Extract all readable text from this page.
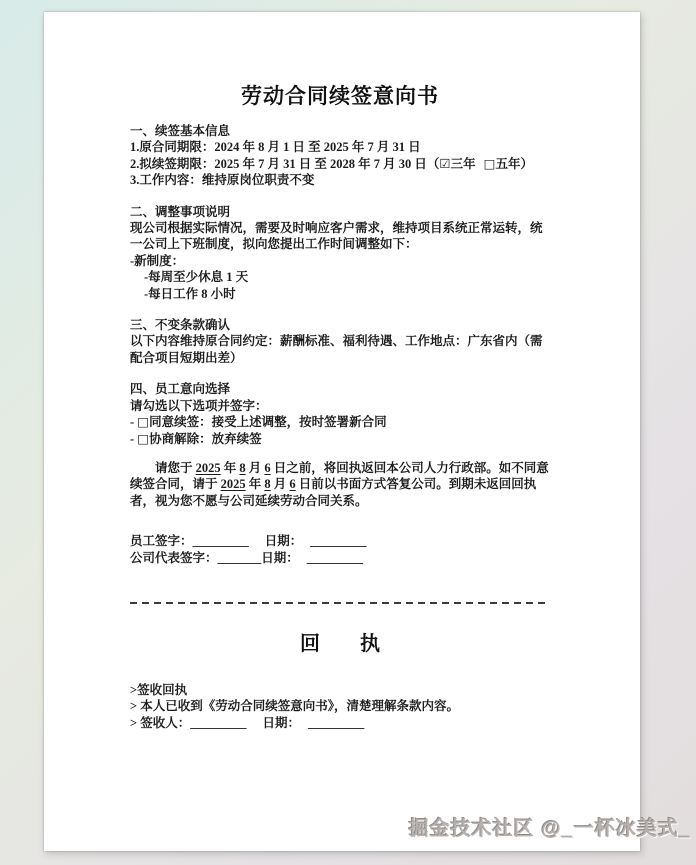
劳动合同续签意向书
一、续签基本信息
1.原合同期限：2024 年 8 月 1 日 至 2025 年 7 月 31 日
2.拟续签期限：2025 年 7 月 31 日 至 2028 年 7 月 30 日（☑三年 □五年）
3.工作内容：维持原岗位职责不变
二、调整事项说明
现公司根据实际情况，需要及时响应客户需求，维持项目系统正常运转，统一公司上下班制度，拟向您提出工作时间调整如下：
-新制度：
-每周至少休息 1 天
-每日工作 8 小时
三、不变条款确认
以下内容维持原合同约定：薪酬标准、福利待遇、工作地点：广东省内（需配合项目短期出差）
四、员工意向选择
请勾选以下选项并签字：
- □同意续签：接受上述调整，按时签署新合同
- □协商解除：放弃续签
请您于 2025 年 8 月 6 日之前，将回执返回本公司人力行政部。如不同意续签合同，请于 2025 年 8 月 6 日前以书面方式答复公司。到期未返回回执者，视为您不愿与公司延续劳动合同关系。
员工签字：_________ 日期： _________
公司代表签字：_______日期： _________
回　　执
>签收回执
> 本人已收到《劳动合同续签意向书》，清楚理解条款内容。
> 签收人：_________ 日期： _________
掘金技术社区 @_一杯冰美式_
